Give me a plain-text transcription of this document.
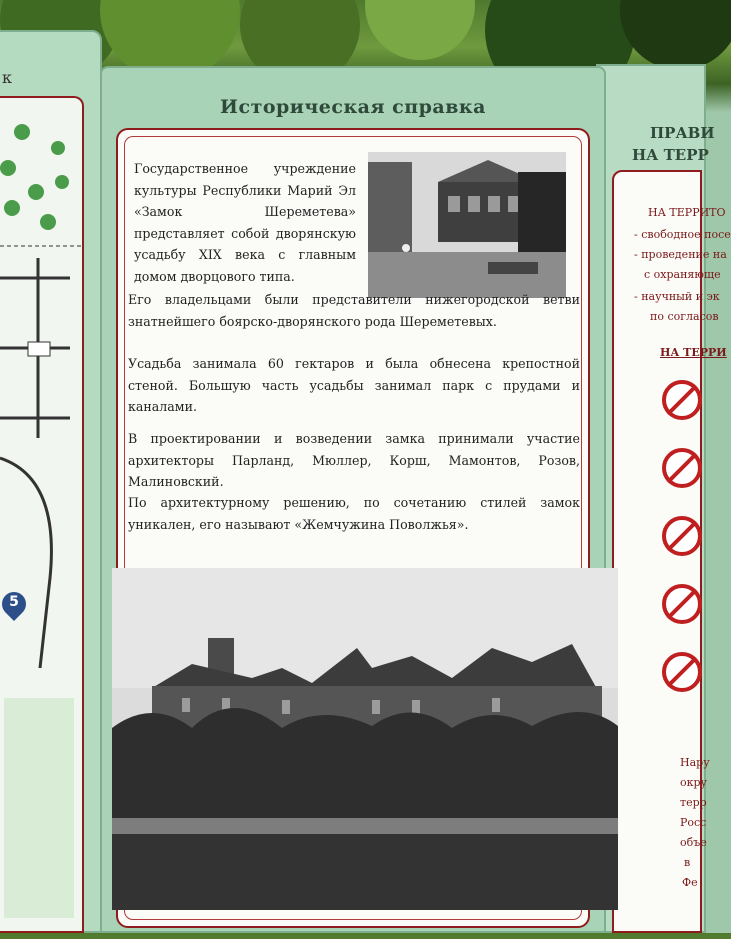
к
5
ПРАВИ
НА ТЕРР
НА ТЕРРИТО
- свободное посе
- проведение на
с охраняюще
- научный и эк
по согласов
НА ТЕРРИ
Нару
окру
терр
Росс
объе
в
Фе
Историческая справка
Государственное учреждение культуры Республики Марий Эл «Замок Шереметева» представляет собой дворянскую усадьбу XIX века с главным домом дворцового типа.
Его владельцами были представители нижегородской ветви знатнейшего боярско-дворянского рода Шереметевых.
Усадьба занимала 60 гектаров и была обнесена крепостной стеной. Большую часть усадьбы занимал парк с прудами и каналами.
В проектировании и возведении замка принимали участие архитекторы Парланд, Мюллер, Корш, Мамонтов, Розов, Малиновский.
По архитектурному решению, по сочетанию стилей замок уникален, его называют «Жемчужина Поволжья».
